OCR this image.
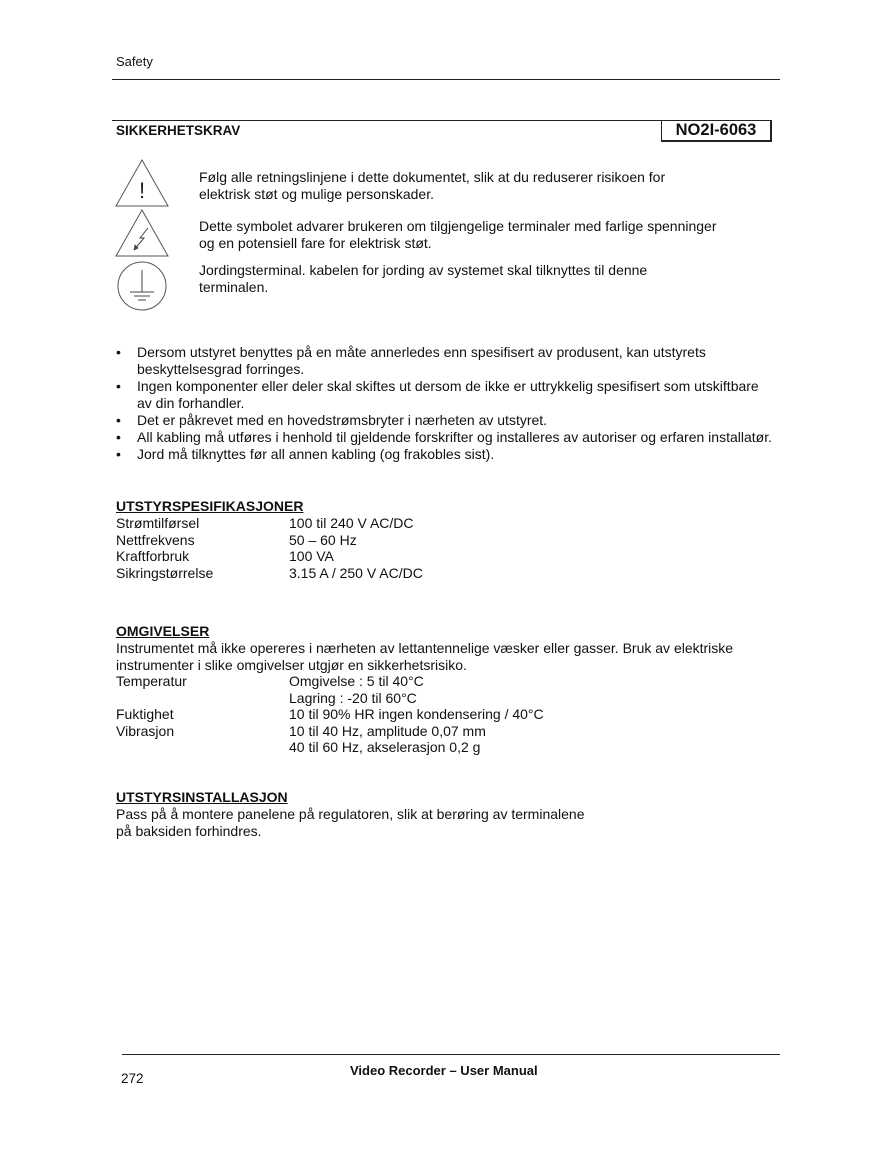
Safety
SIKKERHETSKRAV	NO2I-6063
!
Følg alle retningslinjene i dette dokumentet, slik at du reduserer risikoen for elektrisk støt og mulige personskader.
Dette symbolet advarer brukeren om tilgjengelige terminaler med farlige spenninger og en potensiell fare for elektrisk støt.
Jordingsterminal. kabelen for jording av systemet skal tilknyttes til denne terminalen.
• Dersom utstyret benyttes på en måte annerledes enn spesifisert av produsent, kan utstyrets beskyttelsesgrad forringes.
• Ingen komponenter eller deler skal skiftes ut dersom de ikke er uttrykkelig spesifisert som utskiftbare av din forhandler.
• Det er påkrevet med en hovedstrømsbryter i nærheten av utstyret.
• All kabling må utføres i henhold til gjeldende forskrifter og installeres av autoriser og erfaren installatør.
• Jord må tilknyttes før all annen kabling (og frakobles sist).
UTSTYRSPESIFIKASJONER
Strømtilførsel	100 til 240 V AC/DC
Nettfrekvens	50 – 60 Hz
Kraftforbruk	100 VA
Sikringstørrelse	3.15 A / 250 V AC/DC
OMGIVELSER
Instrumentet må ikke opereres i nærheten av lettantennelige væsker eller gasser. Bruk av elektriske instrumenter i slike omgivelser utgjør en sikkerhetsrisiko.
Temperatur	Omgivelse : 5 til 40°C
Lagring : -20 til 60°C
Fuktighet	10 til 90% HR ingen kondensering / 40°C
Vibrasjon	10 til 40 Hz, amplitude 0,07 mm
40 til 60 Hz, akselerasjon 0,2 g
UTSTYRSINSTALLASJON
Pass på å montere panelene på regulatoren, slik at berøring av terminalene
på baksiden forhindres.
Video Recorder – User Manual
272
